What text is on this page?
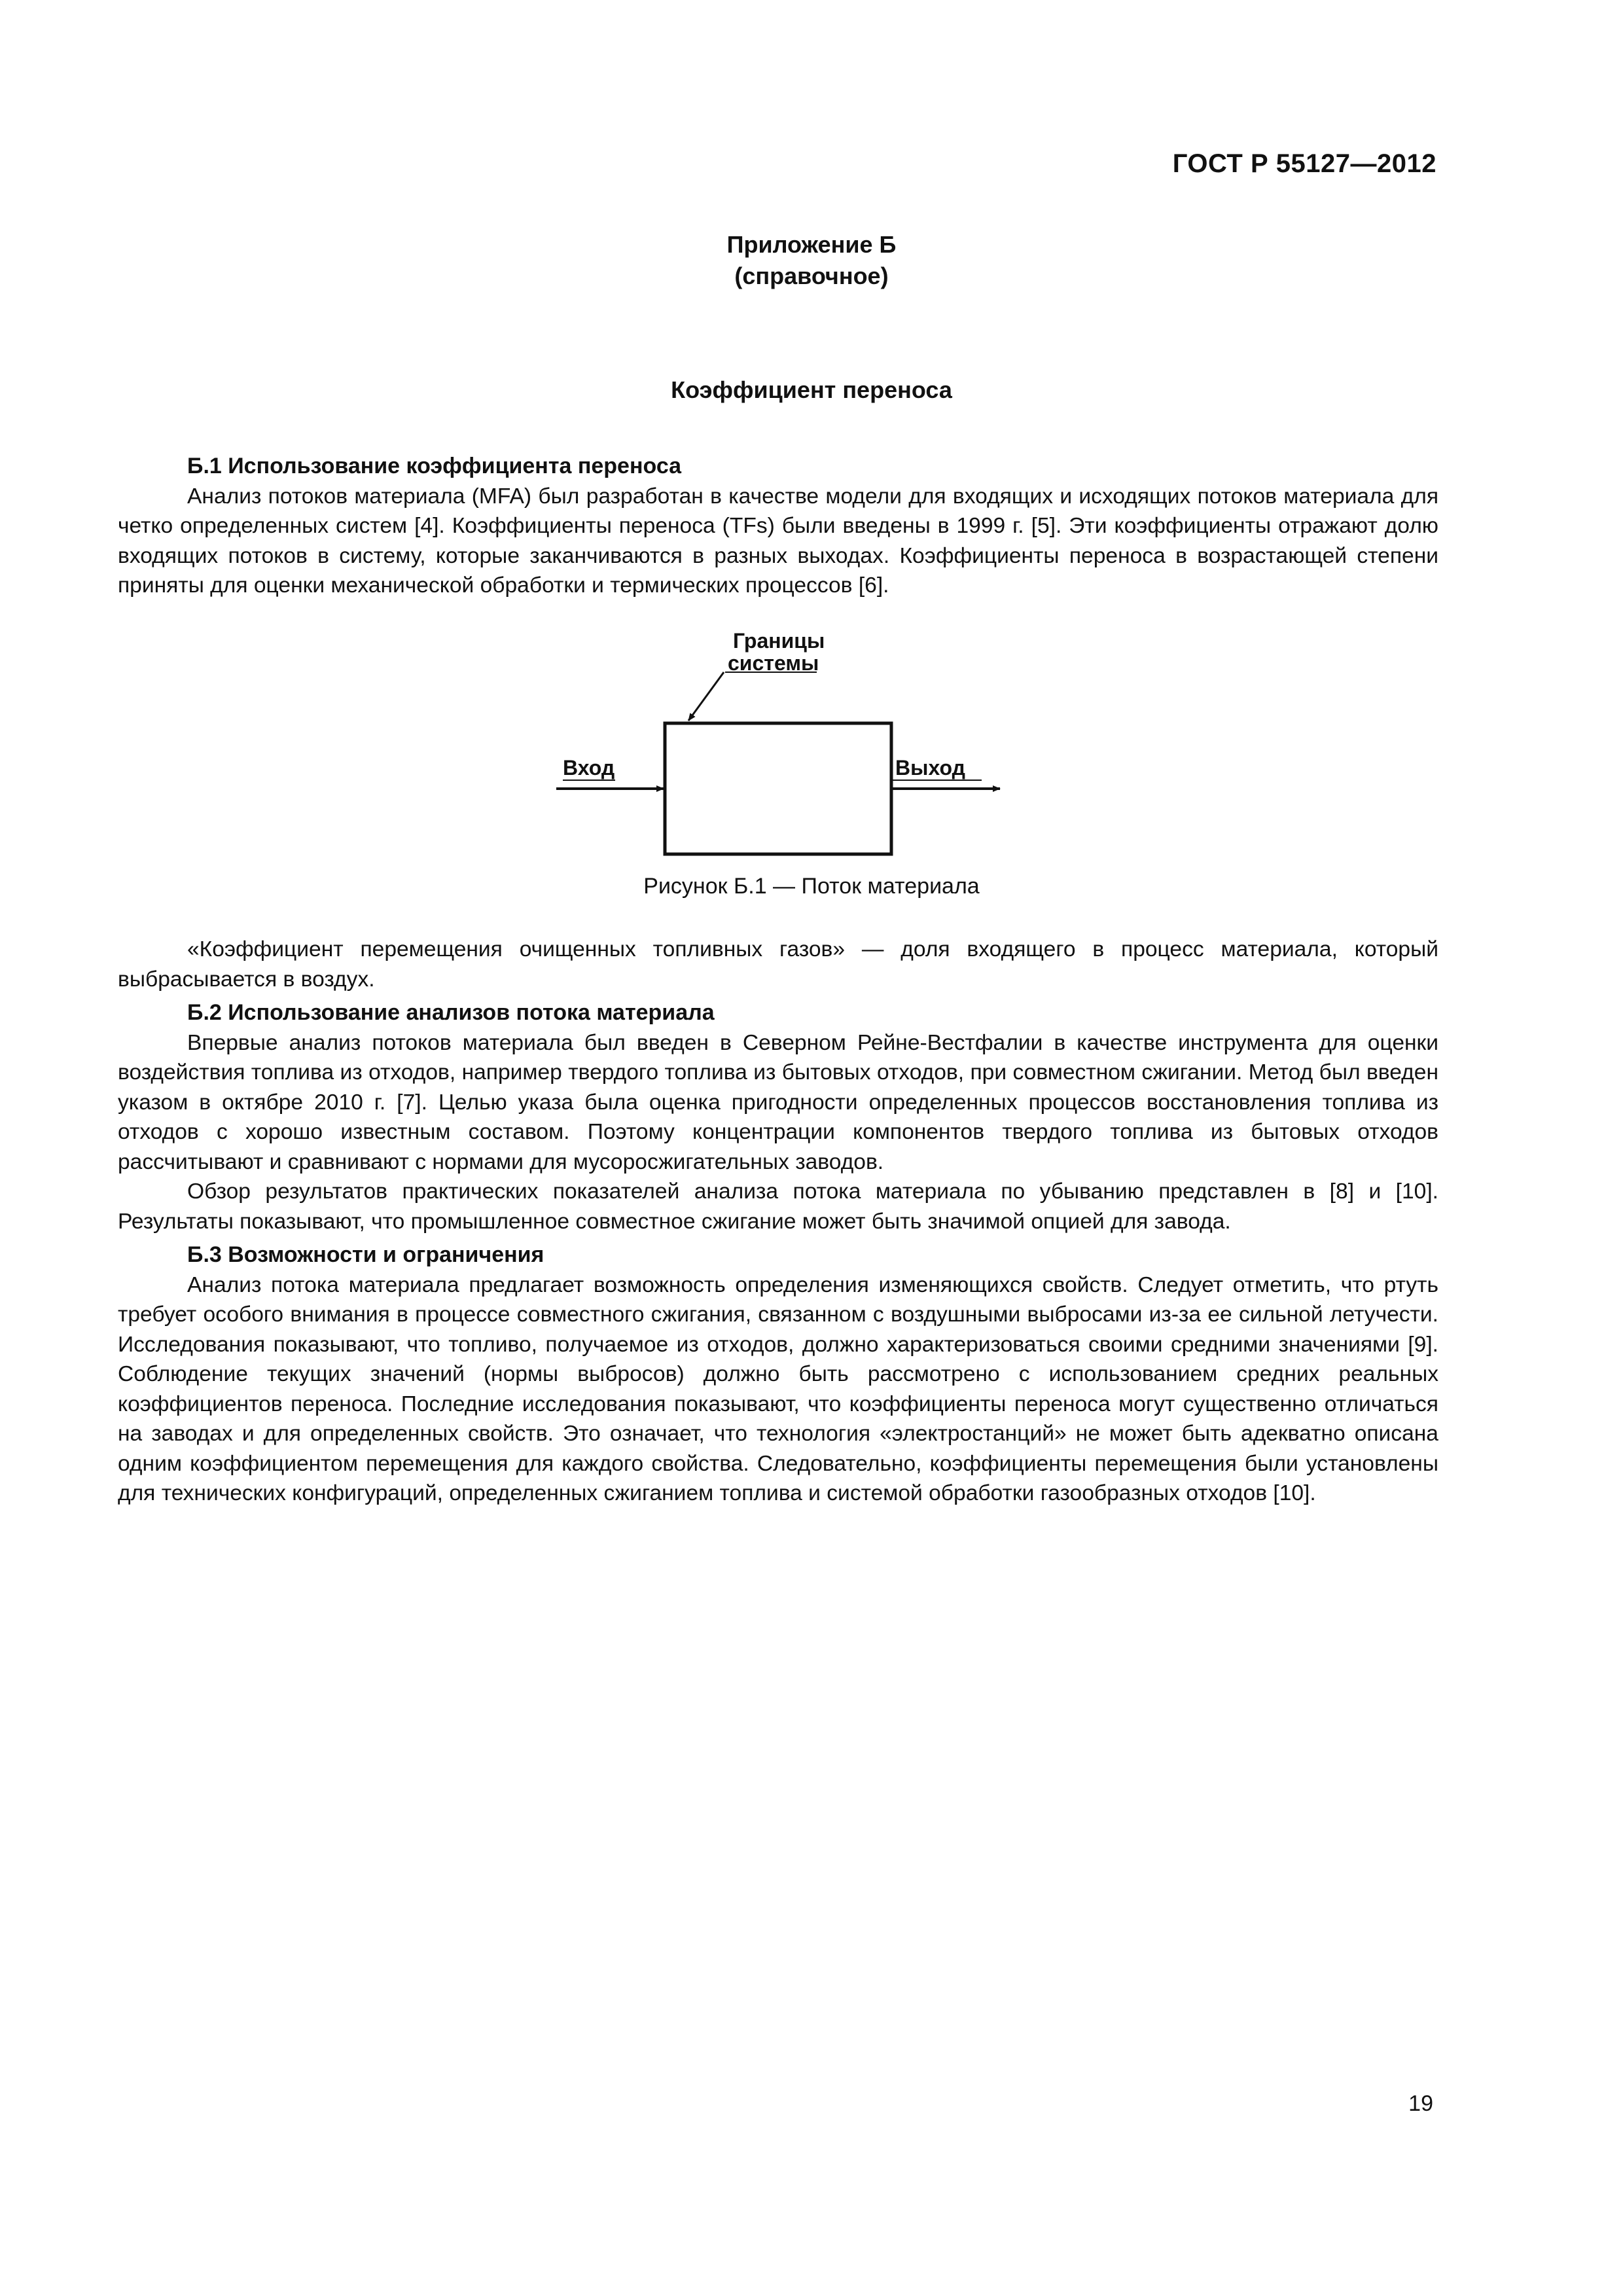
ГОСТ Р 55127—2012
Приложение Б
(справочное)
Коэффициент переноса
Б.1 Использование коэффициента переноса

Анализ потоков материала (MFA) был разработан в качестве модели для входящих и исходящих потоков материала для четко определенных систем [4]. Коэффициенты переноса (TFs) были введены в 1999 г. [5]. Эти коэффициенты отражают долю входящих потоков в систему, которые заканчиваются в разных выходах. Коэффициенты переноса в возрастающей степени приняты для оценки механической обработки и термических процессов [6].

Границы
системы
Вход	Выход
Рисунок Б.1 — Поток материала

«Коэффициент перемещения очищенных топливных газов» — доля входящего в процесс материала, который выбрасывается в воздух.

Б.2 Использование анализов потока материала

Впервые анализ потоков материала был введен в Северном Рейне-Вестфалии в качестве инструмента для оценки воздействия топлива из отходов, например твердого топлива из бытовых отходов, при совместном сжигании. Метод был введен указом в октябре 2010 г. [7]. Целью указа была оценка пригодности определенных процессов восстановления топлива из отходов с хорошо известным составом. Поэтому концентрации компонентов твердого топлива из бытовых отходов рассчитывают и сравнивают с нормами для мусоросжигательных заводов.

Обзор результатов практических показателей анализа потока материала по убыванию представлен в [8] и [10]. Результаты показывают, что промышленное совместное сжигание может быть значимой опцией для завода.

Б.3 Возможности и ограничения

Анализ потока материала предлагает возможность определения изменяющихся свойств. Следует отметить, что ртуть требует особого внимания в процессе совместного сжигания, связанном с воздушными выбросами из-за ее сильной летучести. Исследования показывают, что топливо, получаемое из отходов, должно характеризоваться своими средними значениями [9]. Соблюдение текущих значений (нормы выбросов) должно быть рассмотрено с использованием средних реальных коэффициентов переноса. Последние исследования показывают, что коэффициенты переноса могут существенно отличаться на заводах и для определенных свойств. Это означает, что технология «электростанций» не может быть адекватно описана одним коэффициентом перемещения для каждого свойства. Следовательно, коэффициенты перемещения были установлены для технических конфигураций, определенных сжиганием топлива и системой обработки газообразных отходов [10].

19
